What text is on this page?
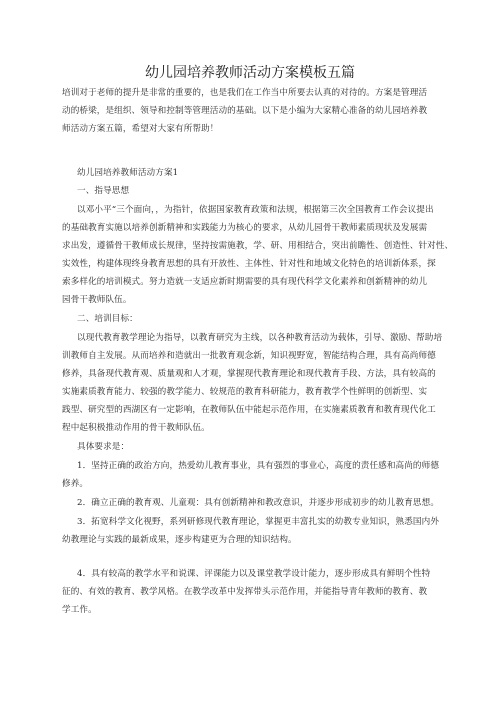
幼儿园培养教师活动方案模板五篇
培训对于老师的提升是非常的重要的，也是我们在工作当中所要去认真的对待的。方案是管理活
动的桥梁，是组织、领导和控制等管理活动的基础。以下是小编为大家精心准备的幼儿园培养教
师活动方案五篇，希望对大家有所帮助！
幼儿园培养教师活动方案1
一、指导思想
以邓小平“三个面向，，为指针，依据国家教育政策和法规，根据第三次全国教育工作会议提出
的基础教育实施以培养创新精神和实践能力为核心的要求，从幼儿园骨干教师素质现状及发展需
求出发，遵循骨干教师成长规律，坚持按需施教，学、研、用相结合，突出前瞻性、创造性、针对性、
实效性，构建体现终身教育思想的具有开放性、主体性、针对性和地域文化特色的培训新体系，探
索多样化的培训模式。努力造就一支适应新时期需要的具有现代科学文化素养和创新精神的幼儿
园骨干教师队伍。
二、培训目标：
以现代教育教学理论为指导，以教育研究为主线，以各种教育活动为载体，引导、激励、帮助培
训教师自主发展。从而培养和造就出一批教育观念新，知识视野宽，智能结构合理，具有高尚师德
修养，具备现代教育观、质量观和人才观，掌握现代教育理论和现代教育手段、方法，具有较高的
实施素质教育能力、较强的教学能力、较规范的教育科研能力，教育教学个性鲜明的创新型、实
践型、研究型的西湖区有一定影响，在教师队伍中能起示范作用，在实施素质教育和教育现代化工
程中起积极推动作用的骨干教师队伍。
具体要求是：
1．坚持正确的政治方向，热爱幼儿教育事业，具有强烈的事业心，高度的责任感和高尚的师德
修养。
2．确立正确的教育观、儿童观：具有创新精神和教改意识，并逐步形成初步的幼儿教育思想。
3．拓宽科学文化视野，系列研修现代教育理论，掌握更丰富扎实的幼教专业知识，熟悉国内外
幼教理论与实践的最新成果，逐步构建更为合理的知识结构。
4．具有较高的教学水平和说课、评课能力以及课堂教学设计能力，逐步形成具有鲜明个性特
征的、有效的教育、教学风格。在教学改革中发挥带头示范作用，并能指导青年教师的教育、教
学工作。
